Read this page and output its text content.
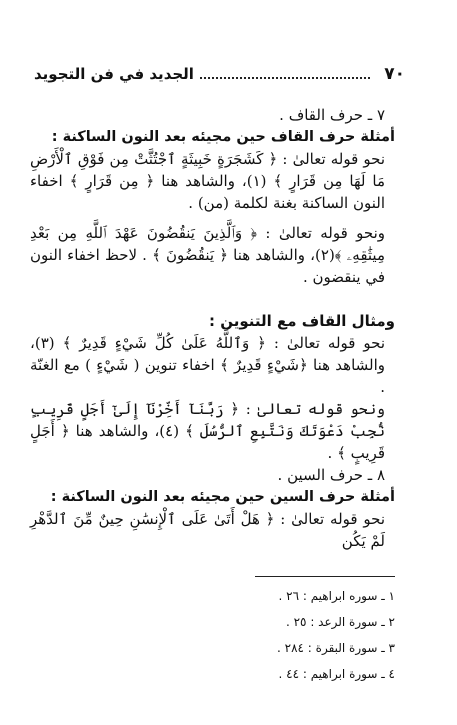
٧٠
الجديد في فن التجويد

٧ ـ حرف القاف .

أمثلة حرف القاف حين مجيئه بعد النون الساكنة :

نحو قوله تعالىٰ : ﴿ كَشَجَرَةٍ خَبِيثَةٍ ٱجْتُثَّتْ مِن فَوْقِ ٱلْأَرْضِ مَا لَهَا مِن قَرَارٍ ﴾ (١)، والشاهد هنا ﴿ مِن قَرَارٍ ﴾ اخفاء النون الساكنة بغنة لكلمة (من) .

ونحو قوله تعالىٰ : ﴿ وَٱلَّذِينَ يَنقُضُونَ عَهْدَ ٱللَّهِ مِن بَعْدِ مِيثَٰقِهِۦ ﴾(٢)، والشاهد هنا ﴿ يَنقُضُونَ ﴾ . لاحظ اخفاء النون في ينقضون .

ومثال القاف مع التنوين :

نحو قوله تعالىٰ : ﴿ وَٱللَّهُ عَلَىٰ كُلِّ شَيْءٍ قَدِيرٌ ﴾ (٣)، والشاهد هنا ﴿شَيْءٍ قَدِيرٌ ﴾ اخفاء تنوين ( شَيْءٍ ) مع الغنّة .

ونحو قوله تعالىٰ : ﴿ رَبَّنَآ أَخِّرْنَآ إِلَىٰٓ أَجَلٍ قَرِيبٍ نُّجِبْ دَعْوَتَكَ وَنَتَّبِعِ ٱلرُّسُلَ ﴾ (٤)، والشاهد هنا ﴿ أَجَلٍ قَرِيبٍ ﴾ .

٨ ـ حرف السين .

أمثلة حرف السين حين مجيئه بعد النون الساكنة :

نحو قوله تعالىٰ : ﴿ هَلْ أَتَىٰ عَلَى ٱلْإِنسَٰنِ حِينٌ مِّنَ ٱلدَّهْرِ لَمْ يَكُن

١ ـ سوره ابراهيم : ٢٦ .

٢ ـ سورة الرعد : ٢٥ .

٣ ـ سورة البقرة : ٢٨٤ .

٤ ـ سورة ابراهيم : ٤٤ .
